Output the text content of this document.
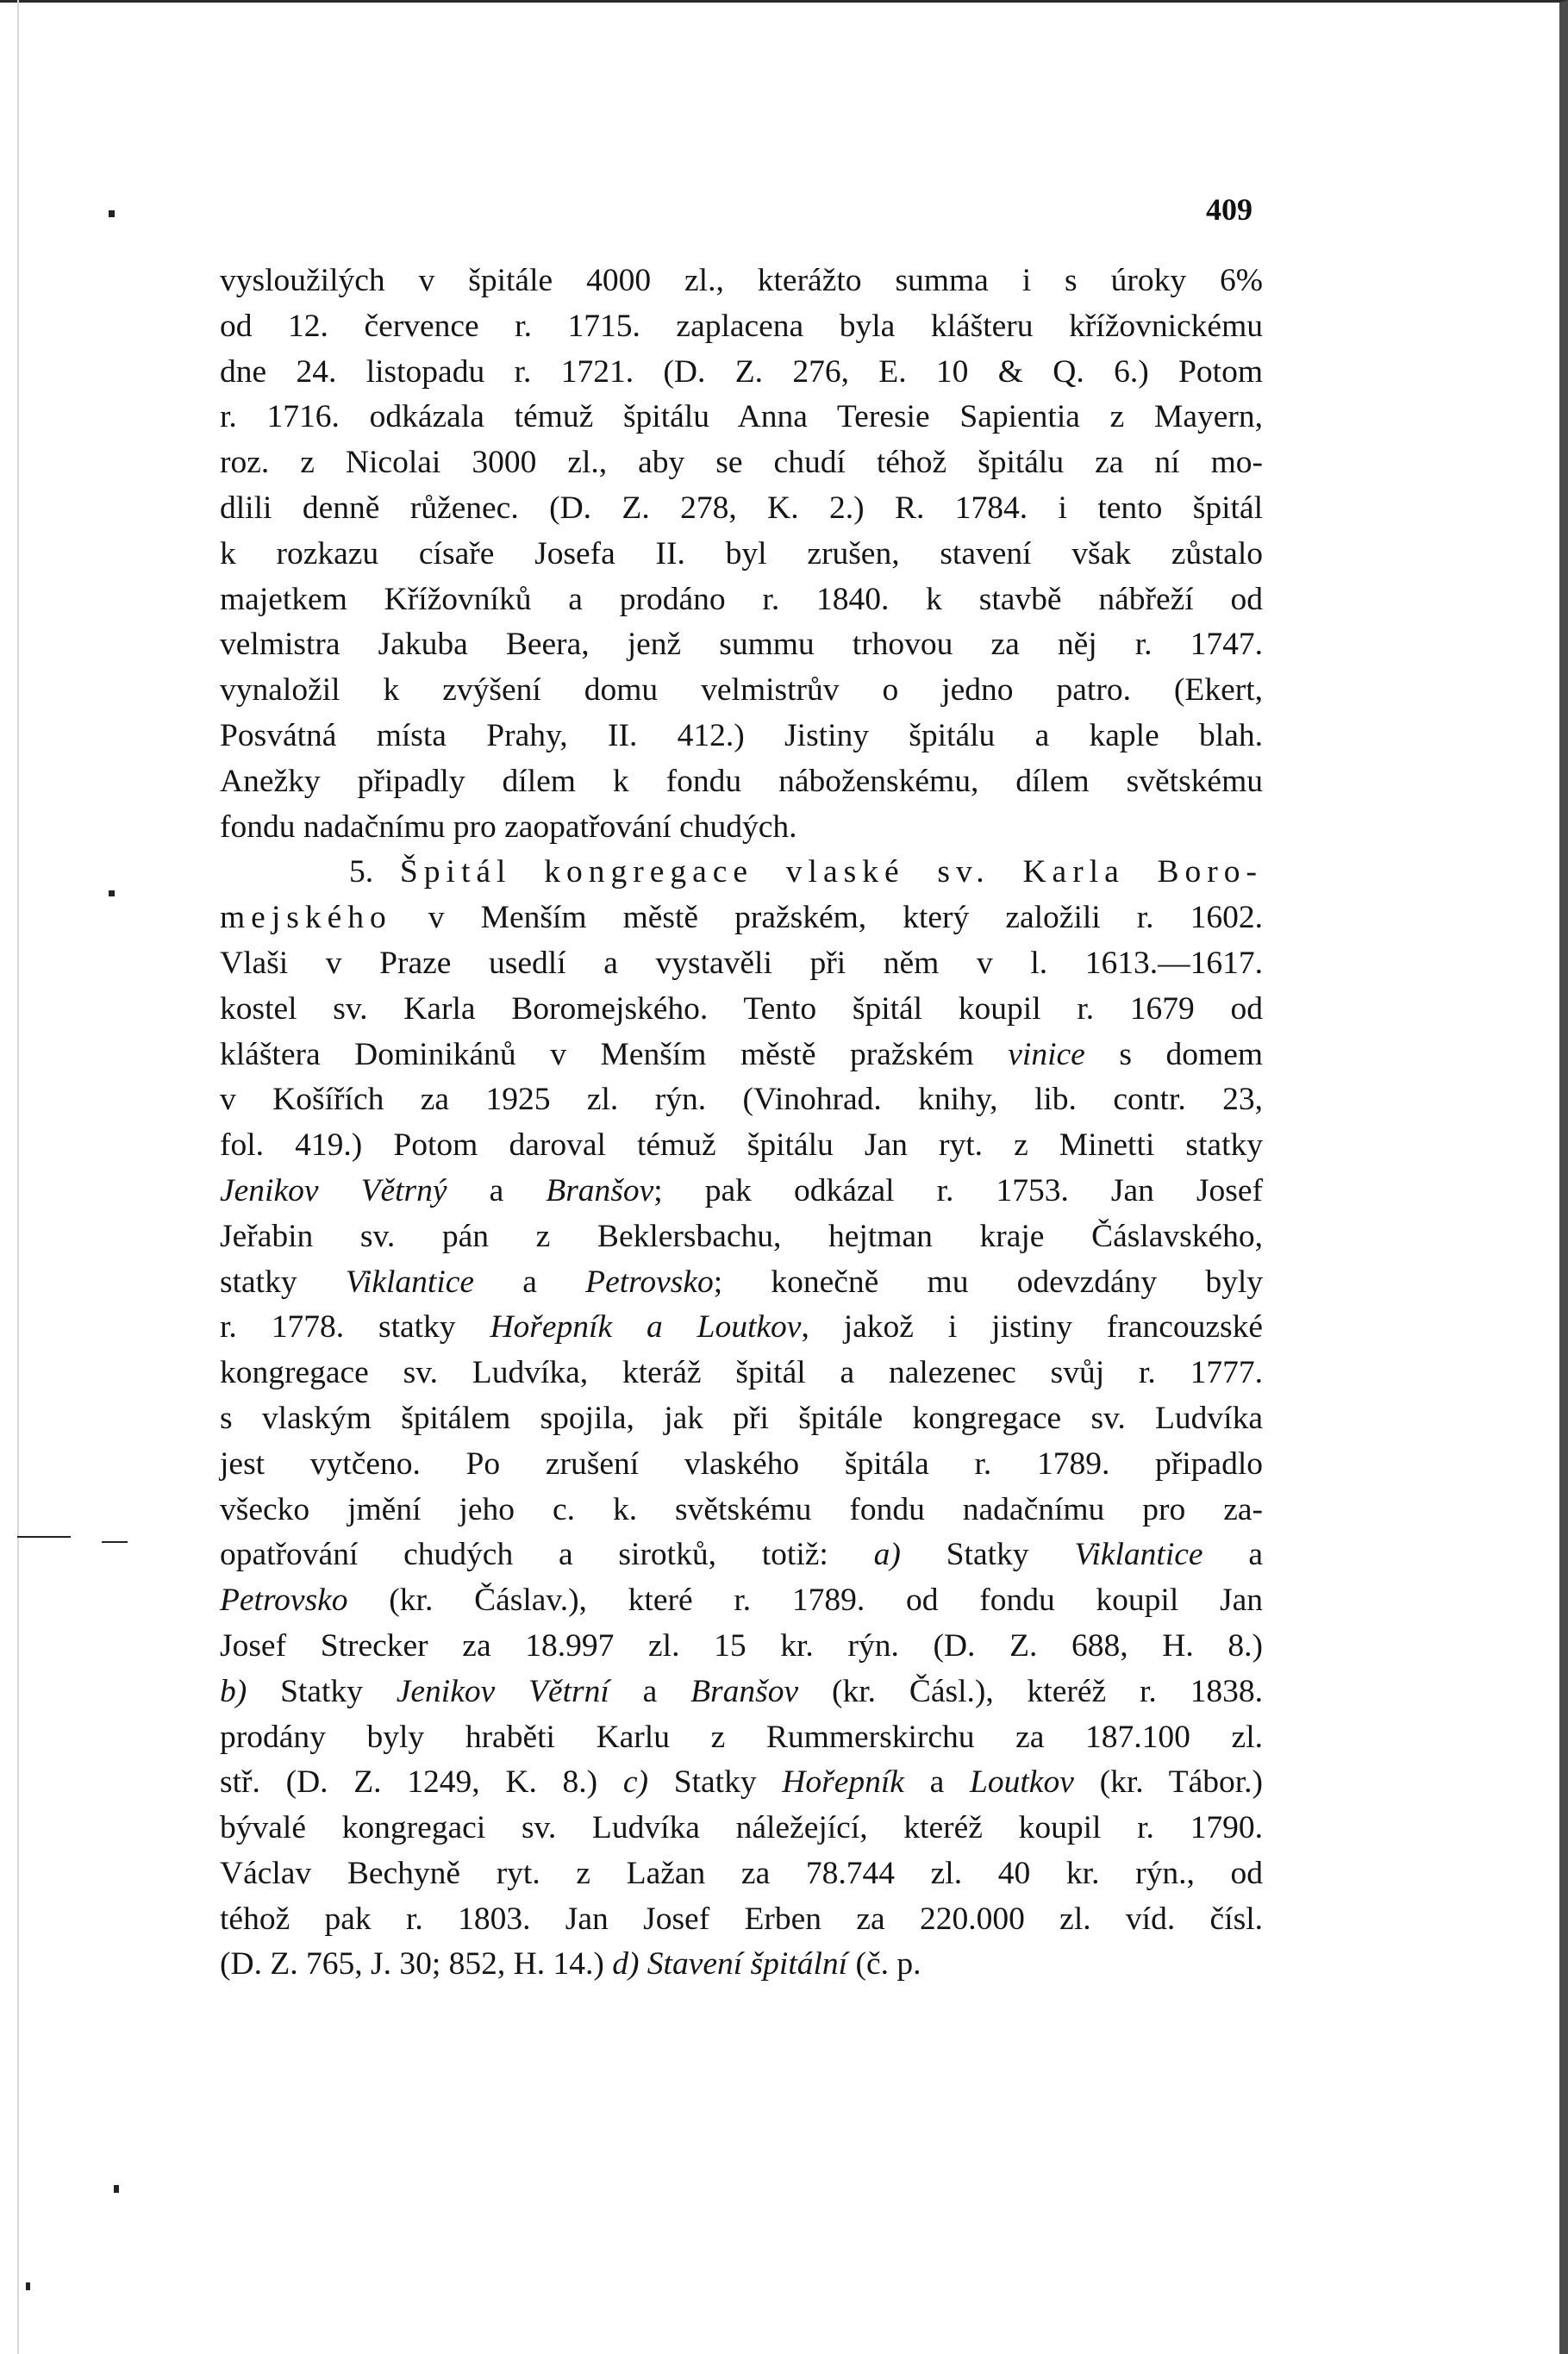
409
vysloužilých v špitále 4000 zl., kterážto summa i s úroky 6%
od 12. července r. 1715. zaplacena byla klášteru křížovnickému
dne 24. listopadu r. 1721. (D. Z. 276, E. 10 & Q. 6.) Potom
r. 1716. odkázala témuž špitálu Anna Teresie Sapientia z Mayern,
roz. z Nicolai 3000 zl., aby se chudí téhož špitálu za ní mo-
dlili denně růženec. (D. Z. 278, K. 2.) R. 1784. i tento špitál
k rozkazu císaře Josefa II. byl zrušen, stavení však zůstalo
majetkem Křížovníků a prodáno r. 1840. k stavbě nábřeží od
velmistra Jakuba Beera, jenž summu trhovou za něj r. 1747.
vynaložil k zvýšení domu velmistrův o jedno patro. (Ekert,
Posvátná místa Prahy, II. 412.) Jistiny špitálu a kaple blah.
Anežky připadly dílem k fondu náboženskému, dílem světskému
fondu nadačnímu pro zaopatřování chudých.
5. Špitál kongregace vlaské sv. Karla Boro-
mejského v Menším městě pražském, který založili r. 1602.
Vlaši v Praze usedlí a vystavěli při něm v l. 1613.—1617.
kostel sv. Karla Boromejského. Tento špitál koupil r. 1679 od
kláštera Dominikánů v Menším městě pražském vinice s domem
v Košířích za 1925 zl. rýn. (Vinohrad. knihy, lib. contr. 23,
fol. 419.) Potom daroval témuž špitálu Jan ryt. z Minetti statky
Jenikov Větrný a Branšov; pak odkázal r. 1753. Jan Josef
Jeřabin sv. pán z Beklersbachu, hejtman kraje Čáslavského,
statky Viklantice a Petrovsko; konečně mu odevzdány byly
r. 1778. statky Hořepník a Loutkov, jakož i jistiny francouzské
kongregace sv. Ludvíka, kteráž špitál a nalezenec svůj r. 1777.
s vlaským špitálem spojila, jak při špitále kongregace sv. Ludvíka
jest vytčeno. Po zrušení vlaského špitála r. 1789. připadlo
všecko jmění jeho c. k. světskému fondu nadačnímu pro za-
opatřování chudých a sirotků, totiž: a) Statky Viklantice a
Petrovsko (kr. Čáslav.), které r. 1789. od fondu koupil Jan
Josef Strecker za 18.997 zl. 15 kr. rýn. (D. Z. 688, H. 8.)
b) Statky Jenikov Větrní a Branšov (kr. Čásl.), kteréž r. 1838.
prodány byly hraběti Karlu z Rummerskirchu za 187.100 zl.
stř. (D. Z. 1249, K. 8.) c) Statky Hořepník a Loutkov (kr. Tábor.)
bývalé kongregaci sv. Ludvíka náležející, kteréž koupil r. 1790.
Václav Bechyně ryt. z Lažan za 78.744 zl. 40 kr. rýn., od
téhož pak r. 1803. Jan Josef Erben za 220.000 zl. víd. čísl.
(D. Z. 765, J. 30; 852, H. 14.) d) Stavení špitální (č. p.
